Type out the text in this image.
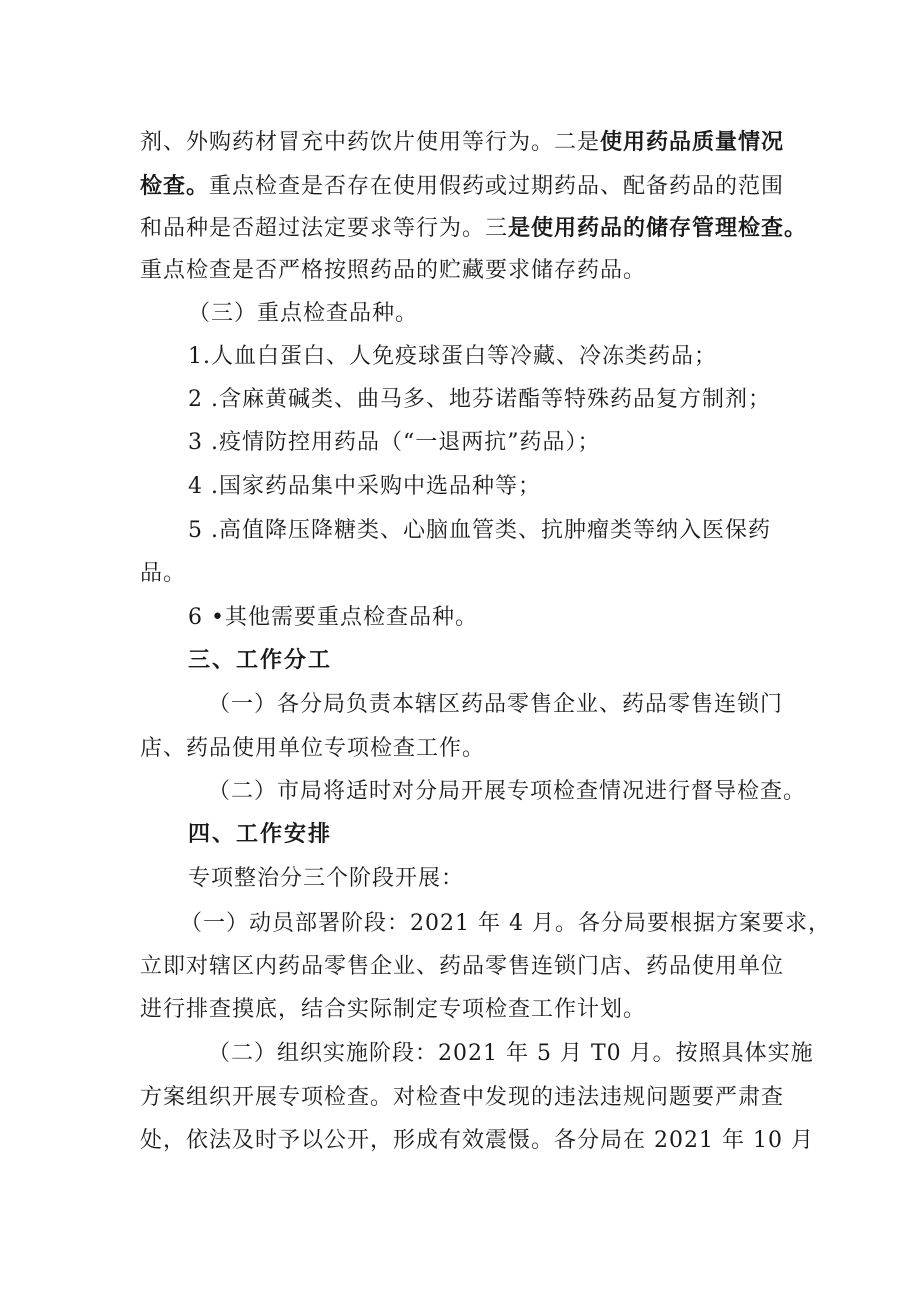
剂、外购药材冒充中药饮片使用等行为。二是使用药品质量情况
检查。重点检查是否存在使用假药或过期药品、配备药品的范围
和品种是否超过法定要求等行为。三是使用药品的储存管理检查。
重点检查是否严格按照药品的贮藏要求储存药品。
（三）重点检查品种。
1.人血白蛋白、人免疫球蛋白等冷藏、冷冻类药品；
2 .含麻黄碱类、曲马多、地芬诺酯等特殊药品复方制剂；
3 .疫情防控用药品（“一退两抗”药品）；
4 .国家药品集中采购中选品种等；
5 .高值降压降糖类、心脑血管类、抗肿瘤类等纳入医保药
品。
6 •其他需要重点检查品种。
三、工作分工
（一）各分局负责本辖区药品零售企业、药品零售连锁门
店、药品使用单位专项检查工作。
（二）市局将适时对分局开展专项检查情况进行督导检查。
四、工作安排
专项整治分三个阶段开展：
（一）动员部署阶段：2021 年 4 月。各分局要根据方案要求，
立即对辖区内药品零售企业、药品零售连锁门店、药品使用单位
进行排查摸底，结合实际制定专项检查工作计划。
（二）组织实施阶段：2021 年 5 月 T0 月。按照具体实施
方案组织开展专项检查。对检查中发现的违法违规问题要严肃查
处，依法及时予以公开，形成有效震慑。各分局在 2021 年 10 月
